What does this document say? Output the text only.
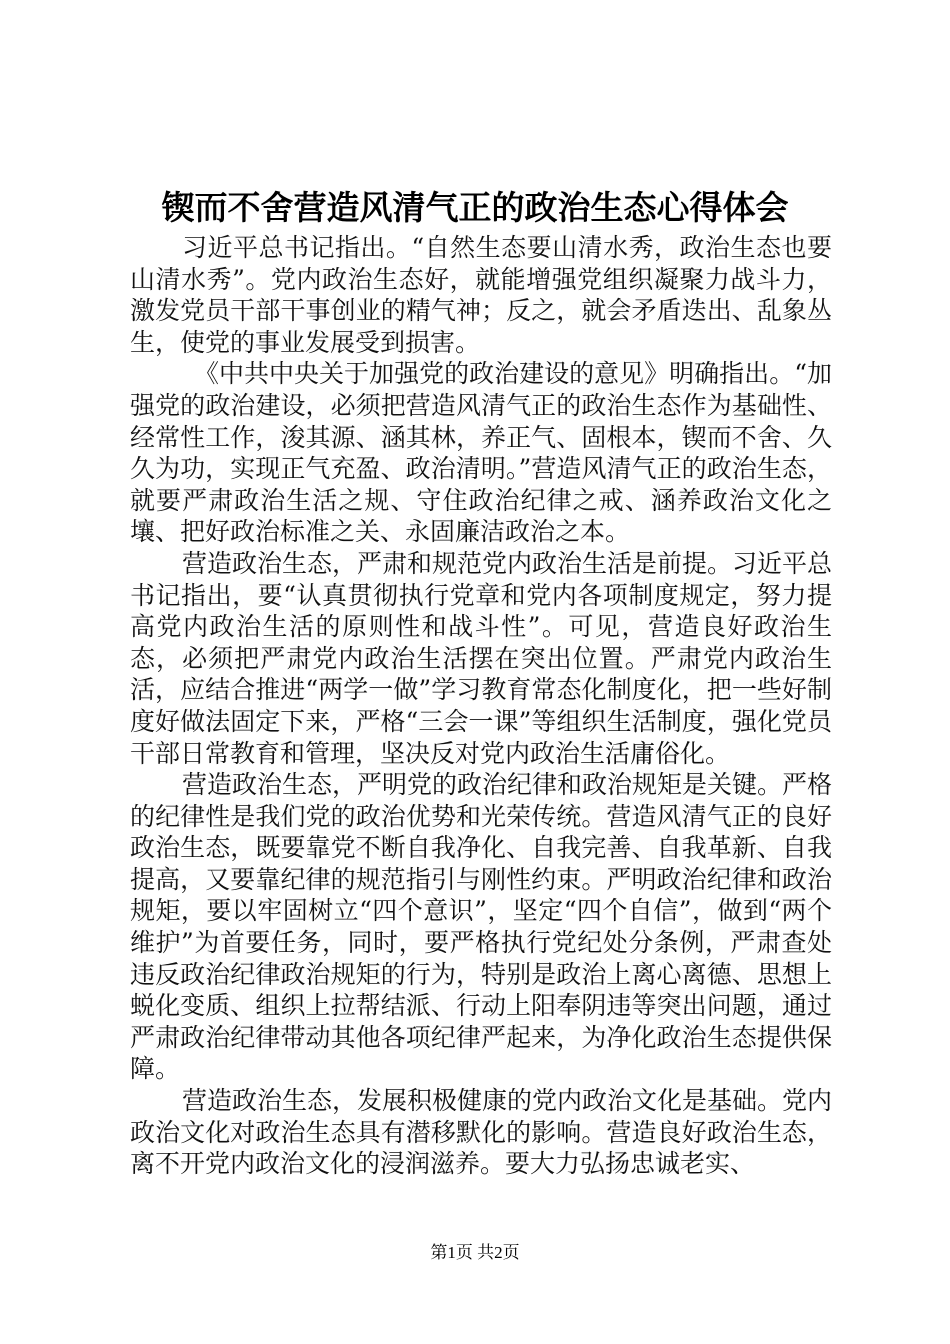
锲而不舍营造风清气正的政治生态心得体会

习近平总书记指出。“自然生态要山清水秀，政治生态也要山清水秀”。党内政治生态好，就能增强党组织凝聚力战斗力，激发党员干部干事创业的精气神；反之，就会矛盾迭出、乱象丛生，使党的事业发展受到损害。

《中共中央关于加强党的政治建设的意见》明确指出。“加强党的政治建设，必须把营造风清气正的政治生态作为基础性、经常性工作，浚其源、涵其林，养正气、固根本，锲而不舍、久久为功，实现正气充盈、政治清明。”营造风清气正的政治生态，就要严肃政治生活之规、守住政治纪律之戒、涵养政治文化之壤、把好政治标准之关、永固廉洁政治之本。

营造政治生态，严肃和规范党内政治生活是前提。习近平总书记指出，要“认真贯彻执行党章和党内各项制度规定，努力提高党内政治生活的原则性和战斗性”。可见，营造良好政治生态，必须把严肃党内政治生活摆在突出位置。严肃党内政治生活，应结合推进“两学一做”学习教育常态化制度化，把一些好制度好做法固定下来，严格“三会一课”等组织生活制度，强化党员干部日常教育和管理，坚决反对党内政治生活庸俗化。

营造政治生态，严明党的政治纪律和政治规矩是关键。严格的纪律性是我们党的政治优势和光荣传统。营造风清气正的良好政治生态，既要靠党不断自我净化、自我完善、自我革新、自我提高，又要靠纪律的规范指引与刚性约束。严明政治纪律和政治规矩，要以牢固树立“四个意识”，坚定“四个自信”，做到“两个维护”为首要任务，同时，要严格执行党纪处分条例，严肃查处违反政治纪律政治规矩的行为，特别是政治上离心离德、思想上蜕化变质、组织上拉帮结派、行动上阳奉阴违等突出问题，通过严肃政治纪律带动其他各项纪律严起来，为净化政治生态提供保障。

营造政治生态，发展积极健康的党内政治文化是基础。党内政治文化对政治生态具有潜移默化的影响。营造良好政治生态，离不开党内政治文化的浸润滋养。要大力弘扬忠诚老实、

第1页 共2页
